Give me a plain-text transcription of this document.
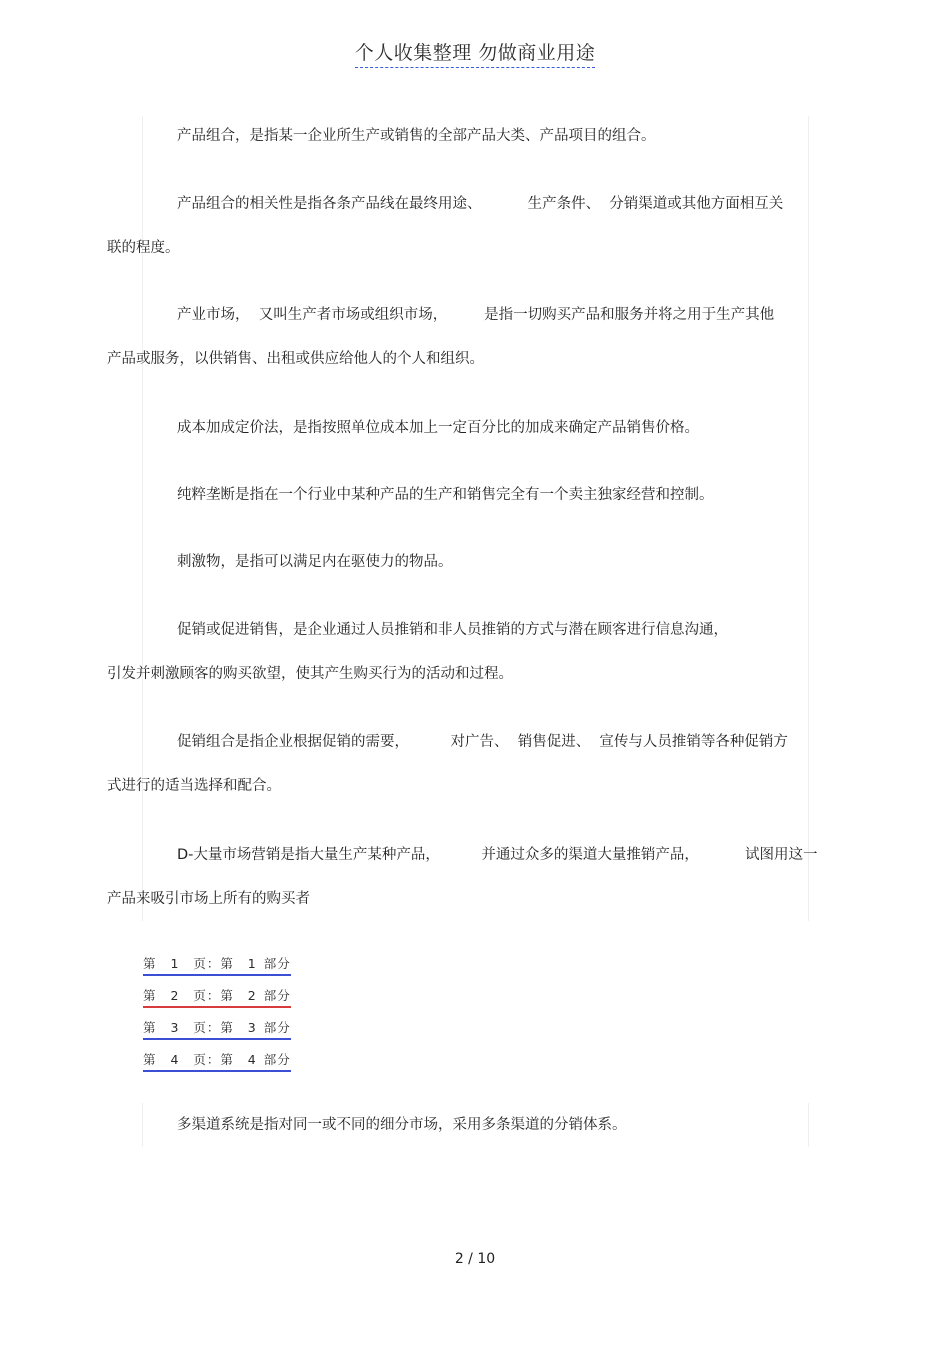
个人收集整理 勿做商业用途

产品组合，是指某一企业所生产或销售的全部产品大类、产品项目的组合。

产品组合的相关性是指各条产品线在最终用途、          生产条件、  分销渠道或其他方面相互关
联的程度。

产业市场，  又叫生产者市场或组织市场，        是指一切购买产品和服务并将之用于生产其他
产品或服务，以供销售、出租或供应给他人的个人和组织。

成本加成定价法，是指按照单位成本加上一定百分比的加成来确定产品销售价格。

纯粹垄断是指在一个行业中某种产品的生产和销售完全有一个卖主独家经营和控制。

刺激物，是指可以满足内在驱使力的物品。

促销或促进销售，是企业通过人员推销和非人员推销的方式与潜在顾客进行信息沟通，
引发并刺激顾客的购买欲望，使其产生购买行为的活动和过程。

促销组合是指企业根据促销的需要，         对广告、  销售促进、  宣传与人员推销等各种促销方
式进行的适当选择和配合。

D-大量市场营销是指大量生产某种产品，         并通过众多的渠道大量推销产品，          试图用这一
产品来吸引市场上所有的购买者

第  1  页：第  1 部分
第  2  页：第  2 部分
第  3  页：第  3 部分
第  4  页：第  4 部分

多渠道系统是指对同一或不同的细分市场，采用多条渠道的分销体系。

2 / 10
